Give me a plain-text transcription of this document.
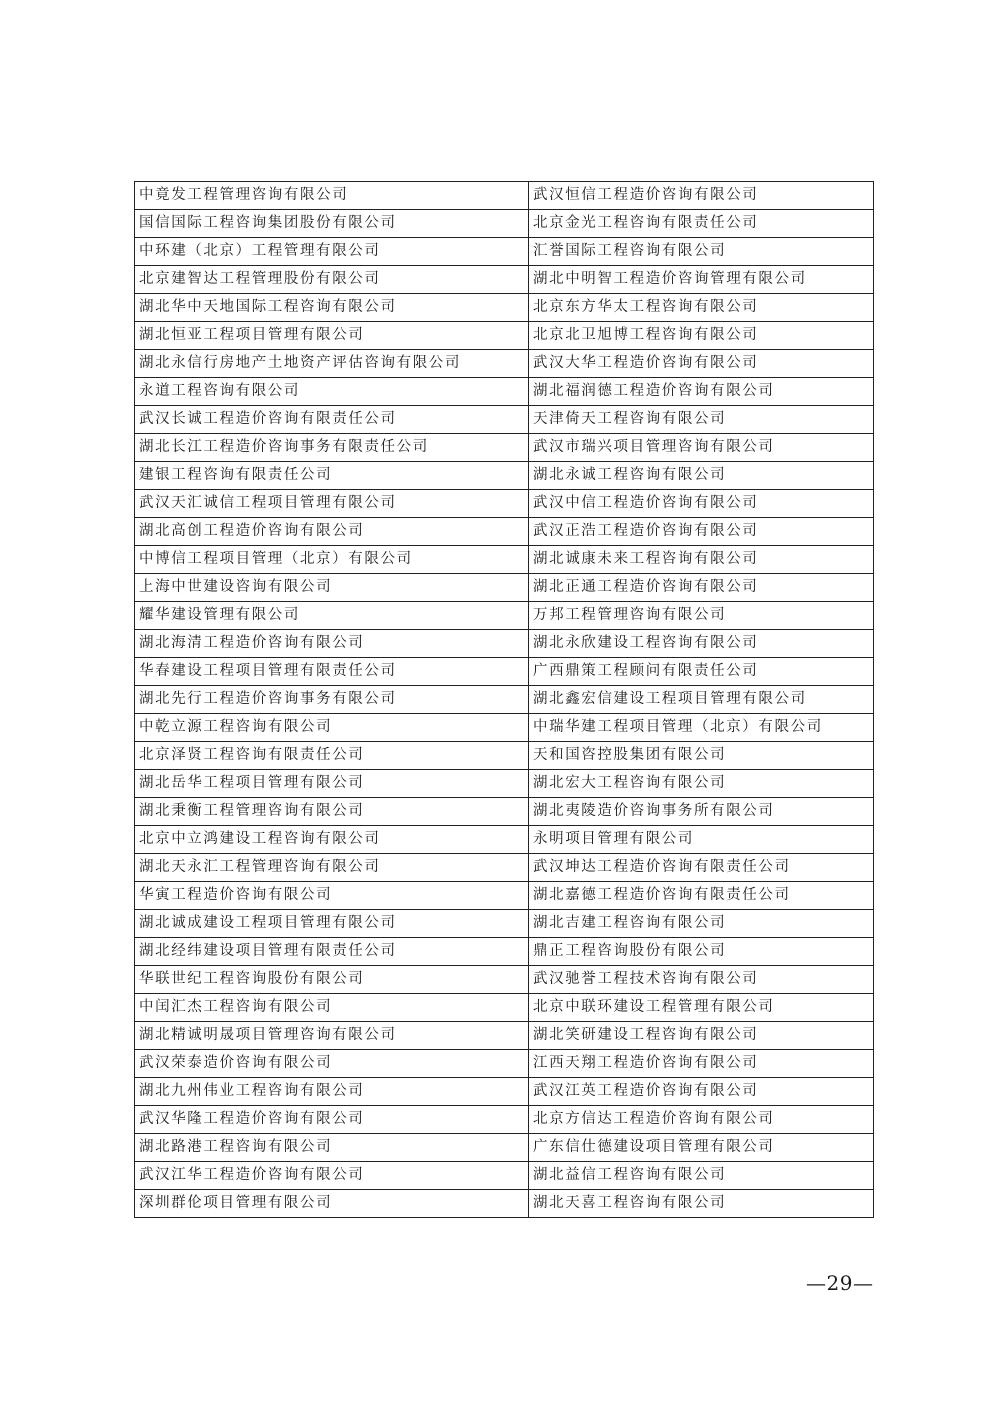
中竟发工程管理咨询有限公司	武汉恒信工程造价咨询有限公司
国信国际工程咨询集团股份有限公司	北京金光工程咨询有限责任公司
中环建（北京）工程管理有限公司	汇誉国际工程咨询有限公司
北京建智达工程管理股份有限公司	湖北中明智工程造价咨询管理有限公司
湖北华中天地国际工程咨询有限公司	北京东方华太工程咨询有限公司
湖北恒亚工程项目管理有限公司	北京北卫旭博工程咨询有限公司
湖北永信行房地产土地资产评估咨询有限公司	武汉大华工程造价咨询有限公司
永道工程咨询有限公司	湖北福润德工程造价咨询有限公司
武汉长诚工程造价咨询有限责任公司	天津倚天工程咨询有限公司
湖北长江工程造价咨询事务有限责任公司	武汉市瑞兴项目管理咨询有限公司
建银工程咨询有限责任公司	湖北永诚工程咨询有限公司
武汉天汇诚信工程项目管理有限公司	武汉中信工程造价咨询有限公司
湖北高创工程造价咨询有限公司	武汉正浩工程造价咨询有限公司
中博信工程项目管理（北京）有限公司	湖北诚康未来工程咨询有限公司
上海中世建设咨询有限公司	湖北正通工程造价咨询有限公司
耀华建设管理有限公司	万邦工程管理咨询有限公司
湖北海清工程造价咨询有限公司	湖北永欣建设工程咨询有限公司
华春建设工程项目管理有限责任公司	广西鼎策工程顾问有限责任公司
湖北先行工程造价咨询事务有限公司	湖北鑫宏信建设工程项目管理有限公司
中乾立源工程咨询有限公司	中瑞华建工程项目管理（北京）有限公司
北京泽贤工程咨询有限责任公司	天和国咨控股集团有限公司
湖北岳华工程项目管理有限公司	湖北宏大工程咨询有限公司
湖北秉衡工程管理咨询有限公司	湖北夷陵造价咨询事务所有限公司
北京中立鸿建设工程咨询有限公司	永明项目管理有限公司
湖北天永汇工程管理咨询有限公司	武汉坤达工程造价咨询有限责任公司
华寅工程造价咨询有限公司	湖北嘉德工程造价咨询有限责任公司
湖北诚成建设工程项目管理有限公司	湖北吉建工程咨询有限公司
湖北经纬建设项目管理有限责任公司	鼎正工程咨询股份有限公司
华联世纪工程咨询股份有限公司	武汉驰誉工程技术咨询有限公司
中闰汇杰工程咨询有限公司	北京中联环建设工程管理有限公司
湖北精诚明晟项目管理咨询有限公司	湖北笑研建设工程咨询有限公司
武汉荣泰造价咨询有限公司	江西天翔工程造价咨询有限公司
湖北九州伟业工程咨询有限公司	武汉江英工程造价咨询有限公司
武汉华隆工程造价咨询有限公司	北京方信达工程造价咨询有限公司
湖北路港工程咨询有限公司	广东信仕德建设项目管理有限公司
武汉江华工程造价咨询有限公司	湖北益信工程咨询有限公司
深圳群伦项目管理有限公司	湖北天喜工程咨询有限公司
—29—
